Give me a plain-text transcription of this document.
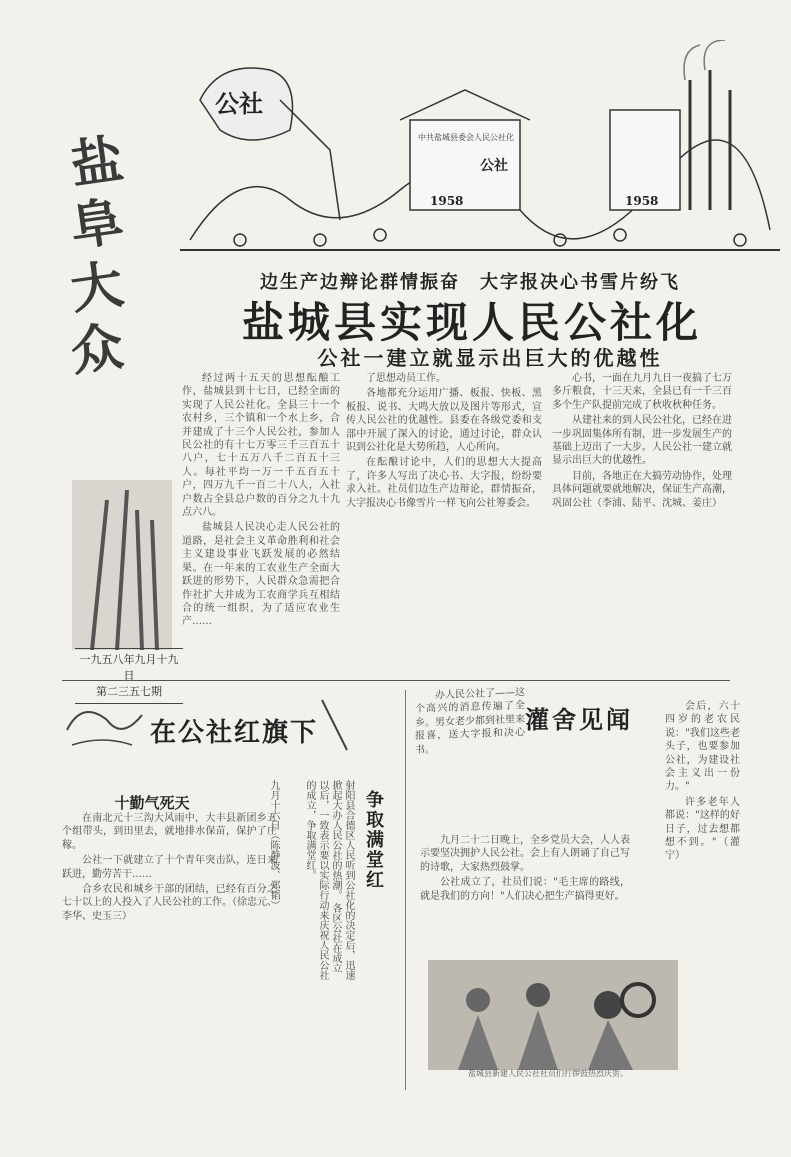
公社
公社
中共盐城县委会人民公社化
1958	1958
盐
阜
大
众
一九五八年九月十九日
第二三五七期
边生产边辩论群情振奋　大字报决心书雪片纷飞
盐城县实现人民公社化
公社一建立就显示出巨大的优越性

经过两十五天的思想酝酿工作，盐城县到十七日，已经全面的实现了人民公社化。全县三十一个农村乡，三个镇和一个水上乡，合并建成了十三个人民公社，参加人民公社的有十七万零三千三百五十八户，七十五万八千二百五十三人。每社平均一万一千五百五十户，四万九千一百二十八人，入社户数占全县总户数的百分之九十九点六八。

盐城县人民决心走人民公社的道路，是社会主义革命胜利和社会主义建设事业飞跃发展的必然结果。在一年来的工农业生产全面大跃进的形势下，人民群众急需把合作社扩大并成为工农商学兵互相结合的统一组织，为了适应农业生产……

了思想动员工作。

各地都充分运用广播、板报、快板、黑板报、说书、大鸣大放以及图片等形式，宣传人民公社的优越性。县委在各级党委和支部中开展了深入的讨论，通过讨论，群众认识到公社化是大势所趋，人心所向。

在酝酿讨论中，人们的思想大大提高了，许多人写出了决心书、大字报，纷纷要求入社。社员们边生产边辩论，群情振奋，大字报决心书像雪片一样飞向公社筹委会。

心书，一面在九月九日一夜搞了七万多斤粮食，十三天来，全县已有一千三百多个生产队提前完成了秋收秋种任务。

从建社来的到人民公社化，已经在进一步巩固集体所有制，进一步发展生产的基础上迈出了一大步。人民公社一建立就显示出巨大的优越性。

目前，各地正在大搞劳动协作，处理具体问题就要就地解决，保证生产高潮，巩固公社（李浦、陆平、沈城、姜庄）

在公社红旗下
十勤气死天

在南北元十三沟大风雨中，大丰县新团乡五个组带头，到田里去，就地排水保苗，保护了庄稼。

公社一下就建立了十个青年突击队，连日来跃进，勤劳苦干……

合乡农民和城乡干部的团结，已经有百分之七十以上的人投入了人民公社的工作。（徐忠元、李华、史玉三）

争取满堂红
射阳县合德区人民听到公社化的决定后，迅速掀起大办人民公社的热潮。 各区公社在成立以后，一致表示要以实际行动来庆祝人民公社的成立，争取满堂红。
九月十六日（陈静波、郑韬）
灌舍见闻

办人民公社了——这个高兴的消息传遍了全乡。男女老少都到社里来报喜，送大字报和决心书。

九月二十二日晚上，全乡党员大会，人人表示要坚决拥护人民公社。会上有人朗诵了自己写的诗歌，大家热烈鼓掌。

公社成立了，社员们说："毛主席的路线，就是我们的方向！"人们决心把生产搞得更好。

会后，六十四岁的老农民说："我们这些老头子，也要参加公社，为建设社会主义出一份力。"

许多老年人都说："这样的好日子，过去想都想不到。"（灌宁）

盐城县新建人民公社社员们打锣鼓热烈庆贺。
